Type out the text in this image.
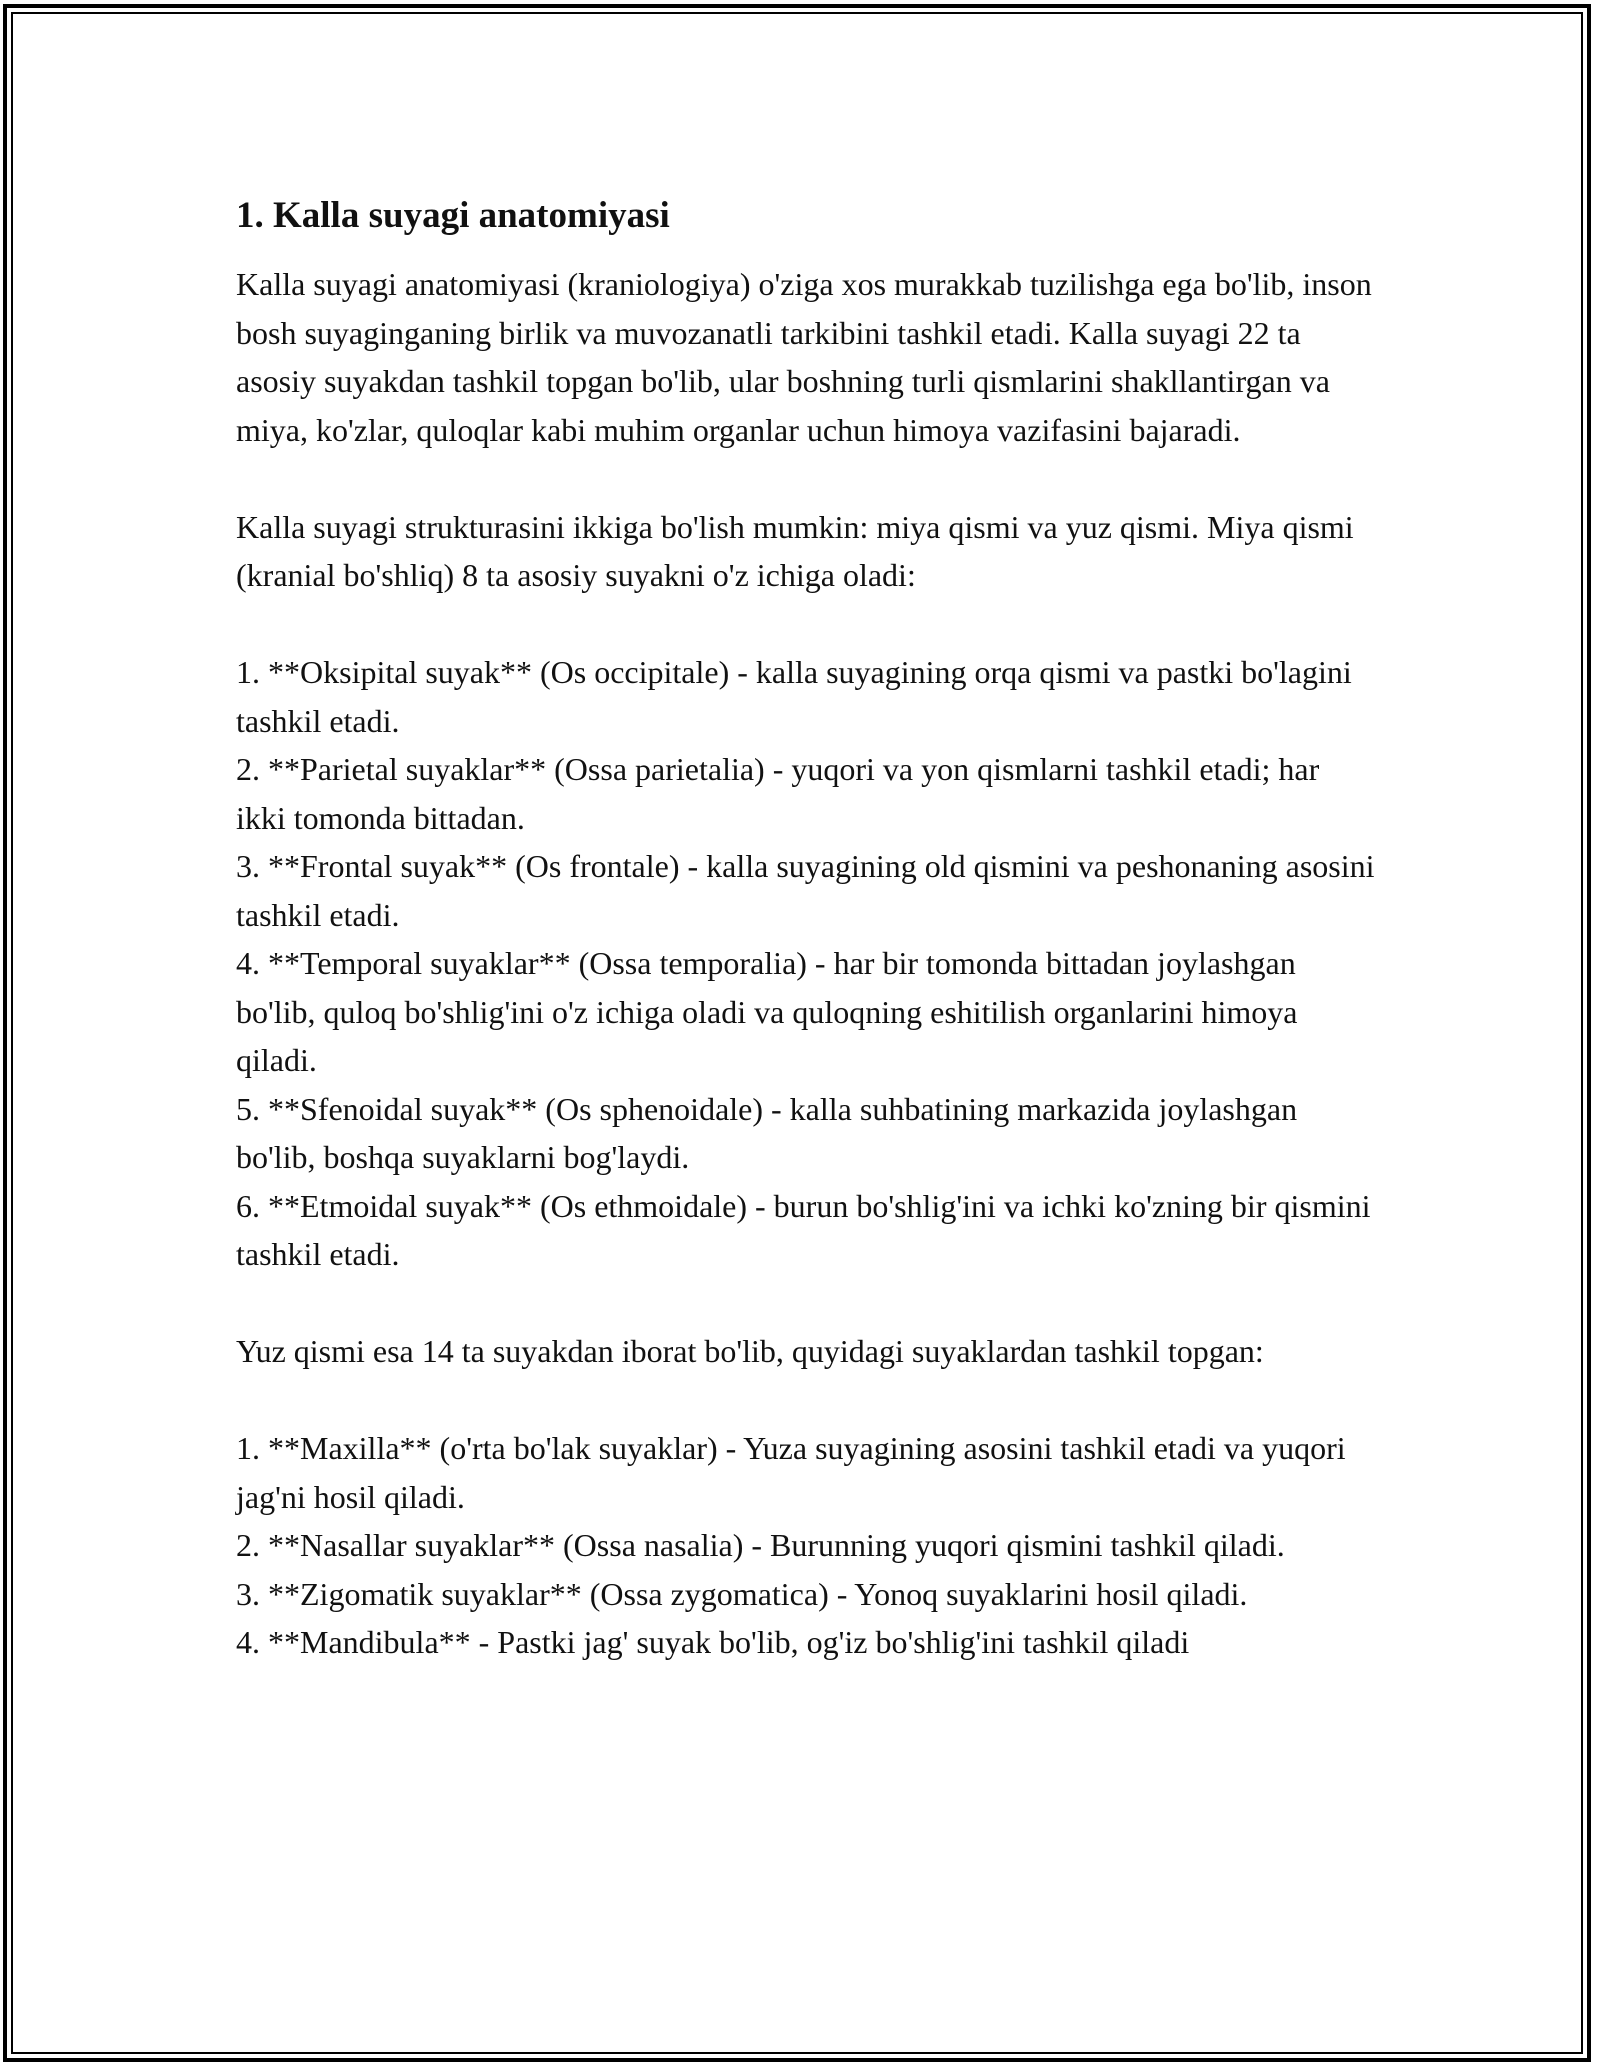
1. Kalla suyagi anatomiyasi

Kalla suyagi anatomiyasi (kraniologiya) o'ziga xos murakkab tuzilishga ega bo'lib, inson bosh suyaginganing birlik va muvozanatli tarkibini tashkil etadi. Kalla suyagi 22 ta asosiy suyakdan tashkil topgan bo'lib, ular boshning turli qismlarini shakllantirgan va miya, ko'zlar, quloqlar kabi muhim organlar uchun himoya vazifasini bajaradi.

Kalla suyagi strukturasini ikkiga bo'lish mumkin: miya qismi va yuz qismi. Miya qismi (kranial bo'shliq) 8 ta asosiy suyakni o'z ichiga oladi:

1. **Oksipital suyak** (Os occipitale) - kalla suyagining orqa qismi va pastki bo'lagini tashkil etadi.
2. **Parietal suyaklar** (Ossa parietalia) - yuqori va yon qismlarni tashkil etadi; har ikki tomonda bittadan.
3. **Frontal suyak** (Os frontale) - kalla suyagining old qismini va peshonaning asosini tashkil etadi.
4. **Temporal suyaklar** (Ossa temporalia) - har bir tomonda bittadan joylashgan bo'lib, quloq bo'shlig'ini o'z ichiga oladi va quloqning eshitilish organlarini himoya qiladi.
5. **Sfenoidal suyak** (Os sphenoidale) - kalla suhbatining markazida joylashgan bo'lib, boshqa suyaklarni bog'laydi.
6. **Etmoidal suyak** (Os ethmoidale) - burun bo'shlig'ini va ichki ko'zning bir qismini tashkil etadi.

Yuz qismi esa 14 ta suyakdan iborat bo'lib, quyidagi suyaklardan tashkil topgan:

1. **Maxilla** (o'rta bo'lak suyaklar) - Yuza suyagining asosini tashkil etadi va yuqori jag'ni hosil qiladi.
2. **Nasallar suyaklar** (Ossa nasalia) - Burunning yuqori qismini tashkil qiladi.
3. **Zigomatik suyaklar** (Ossa zygomatica) - Yonoq suyaklarini hosil qiladi.
4. **Mandibula** - Pastki jag' suyak bo'lib, og'iz bo'shlig'ini tashkil qiladi
